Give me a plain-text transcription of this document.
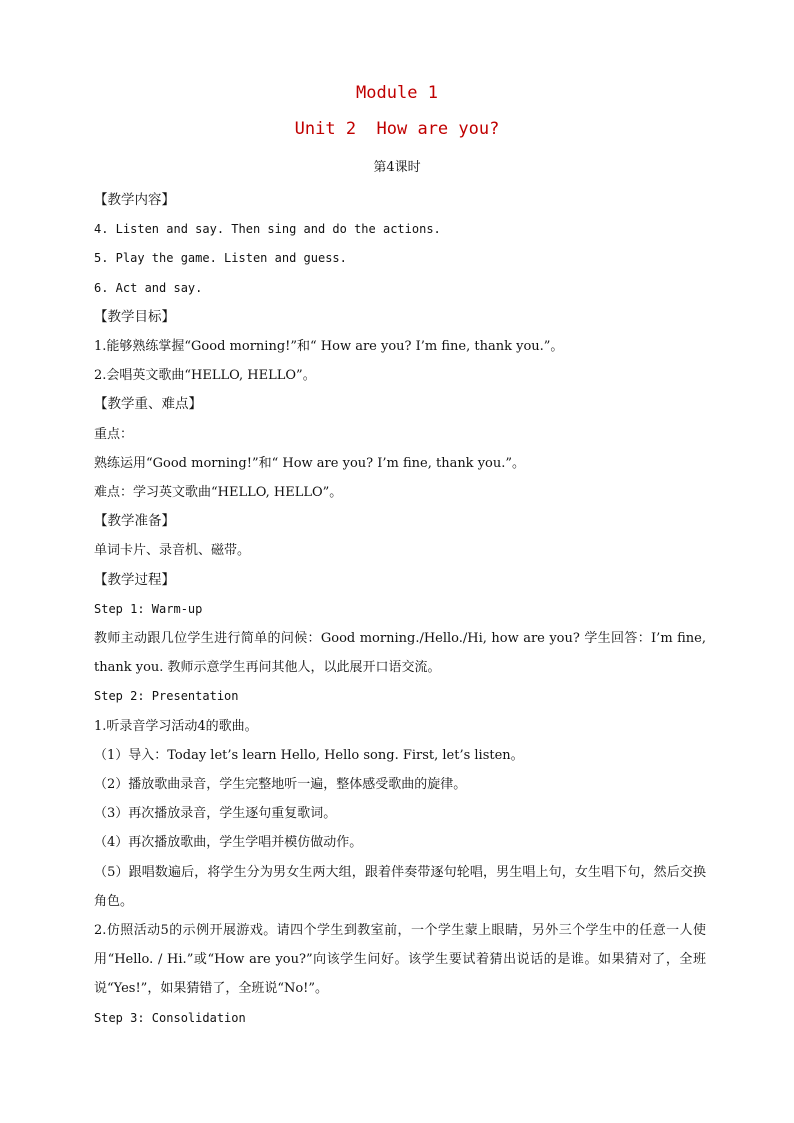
Module 1
Unit 2  How are you?
第4课时
【教学内容】
4. Listen and say. Then sing and do the actions.
5. Play the game. Listen and guess.
6. Act and say.
【教学目标】
1.能够熟练掌握“Good morning!”和“ How are you? I’m fine, thank you.”。
2.会唱英文歌曲“HELLO, HELLO”。
【教学重、难点】
重点：
熟练运用“Good morning!”和“ How are you? I’m fine, thank you.”。
难点：学习英文歌曲“HELLO, HELLO”。
【教学准备】
单词卡片、录音机、磁带。
【教学过程】
Step 1: Warm-up
教师主动跟几位学生进行简单的问候：Good morning./Hello./Hi, how are you? 学生回答：I’m fine, thank you. 教师示意学生再问其他人，以此展开口语交流。
Step 2: Presentation
1.听录音学习活动4的歌曲。
（1）导入：Today let’s learn Hello, Hello song. First, let’s listen。
（2）播放歌曲录音，学生完整地听一遍，整体感受歌曲的旋律。
（3）再次播放录音，学生逐句重复歌词。
（4）再次播放歌曲，学生学唱并模仿做动作。
（5）跟唱数遍后，将学生分为男女生两大组，跟着伴奏带逐句轮唱，男生唱上句，女生唱下句，然后交换角色。
2.仿照活动5的示例开展游戏。请四个学生到教室前，一个学生蒙上眼睛，另外三个学生中的任意一人使用“Hello. / Hi.”或“How are you?”向该学生问好。该学生要试着猜出说话的是谁。如果猜对了，全班说“Yes!”，如果猜错了，全班说“No!”。
Step 3: Consolidation
